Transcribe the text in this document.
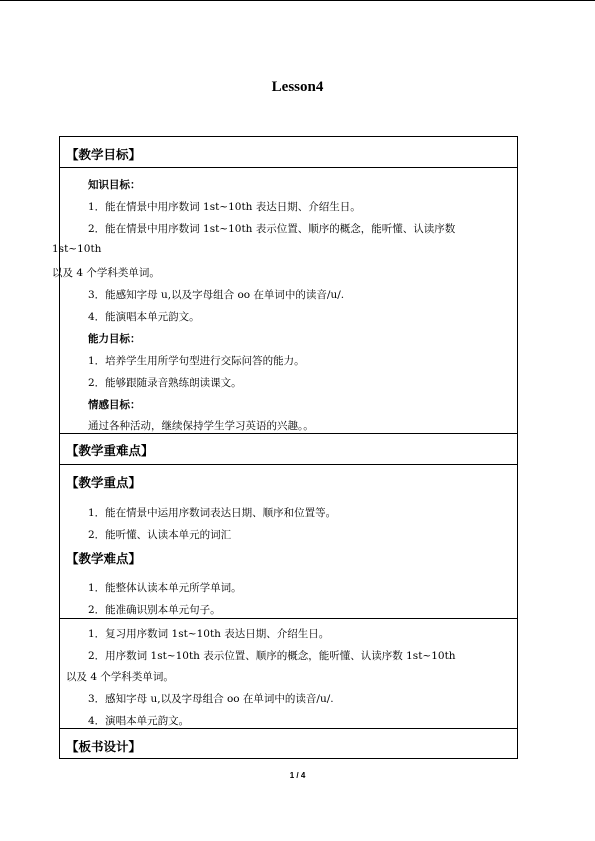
Lesson4
【教学目标】
知识目标：
1．能在情景中用序数词 1st~10th 表达日期、介绍生日。
2．能在情景中用序数词 1st~10th 表示位置、顺序的概念，能听懂、认读序数
1st~10th
以及 4 个学科类单词。
3．能感知字母 u,以及字母组合 oo 在单词中的读音/u/.
4．能演唱本单元韵文。
能力目标：
1．培养学生用所学句型进行交际问答的能力。
2．能够跟随录音熟练朗读课文。
情感目标：
通过各种活动，继续保持学生学习英语的兴趣。。
【教学重难点】
【教学重点】
1．能在情景中运用序数词表达日期、顺序和位置等。
2．能听懂、认读本单元的词汇
【教学难点】
1．能整体认读本单元所学单词。
2．能准确识别本单元句子。
1．复习用序数词 1st~10th 表达日期、介绍生日。
2．用序数词 1st~10th 表示位置、顺序的概念，能听懂、认读序数 1st~10th
以及 4 个学科类单词。
3．感知字母 u,以及字母组合 oo 在单词中的读音/u/.
4．演唱本单元韵文。
【板书设计】
1 / 4
